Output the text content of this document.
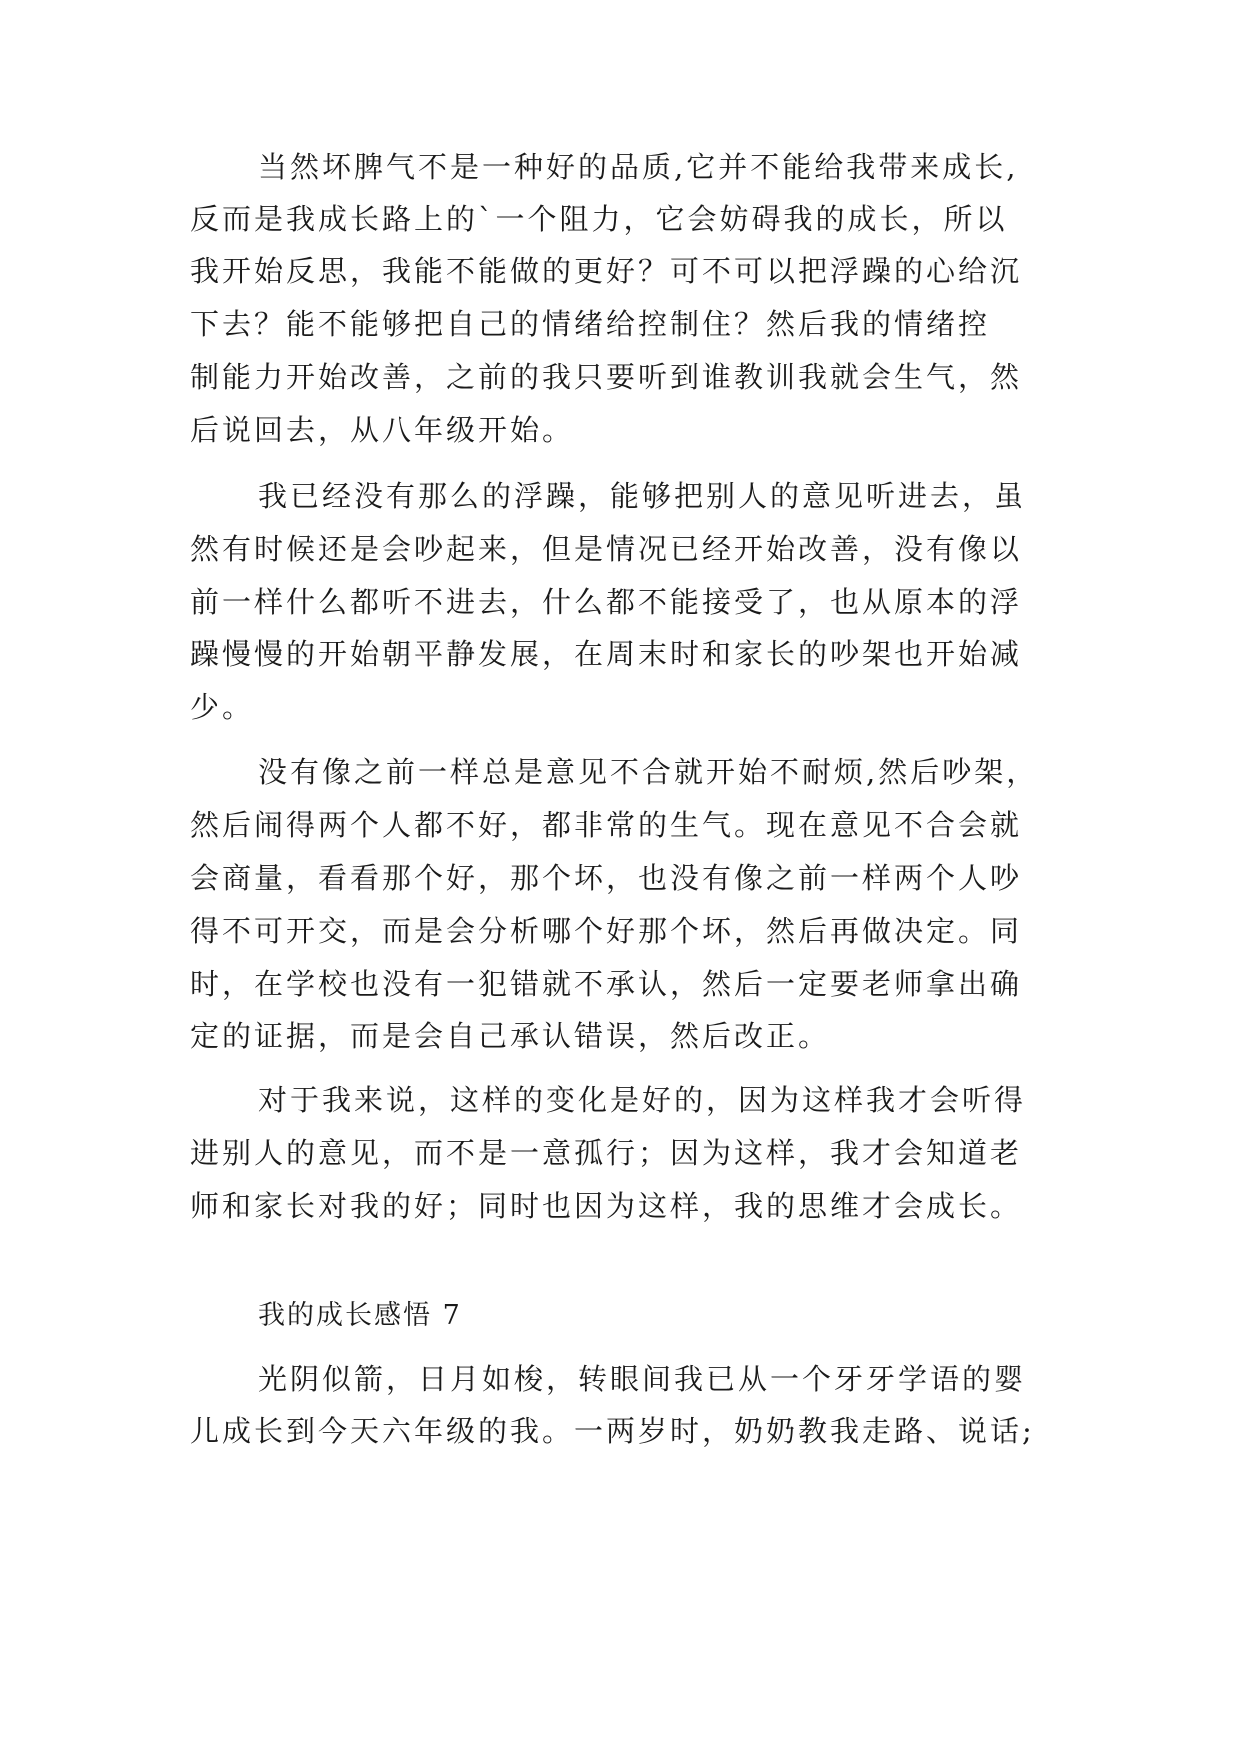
当然坏脾气不是一种好的品质,它并不能给我带来成长,
反而是我成长路上的`一个阻力，它会妨碍我的成长，所以
我开始反思，我能不能做的更好？可不可以把浮躁的心给沉
下去？能不能够把自己的情绪给控制住？然后我的情绪控
制能力开始改善，之前的我只要听到谁教训我就会生气，然
后说回去，从八年级开始。
我已经没有那么的浮躁，能够把别人的意见听进去，虽
然有时候还是会吵起来，但是情况已经开始改善，没有像以
前一样什么都听不进去，什么都不能接受了，也从原本的浮
躁慢慢的开始朝平静发展，在周末时和家长的吵架也开始减
少。
没有像之前一样总是意见不合就开始不耐烦,然后吵架，
然后闹得两个人都不好，都非常的生气。现在意见不合会就
会商量，看看那个好，那个坏，也没有像之前一样两个人吵
得不可开交，而是会分析哪个好那个坏，然后再做决定。同
时，在学校也没有一犯错就不承认，然后一定要老师拿出确
定的证据，而是会自己承认错误，然后改正。
对于我来说，这样的变化是好的，因为这样我才会听得
进别人的意见，而不是一意孤行；因为这样，我才会知道老
师和家长对我的好；同时也因为这样，我的思维才会成长。
我的成长感悟 7
光阴似箭，日月如梭，转眼间我已从一个牙牙学语的婴
儿成长到今天六年级的我。一两岁时，奶奶教我走路、说话;
